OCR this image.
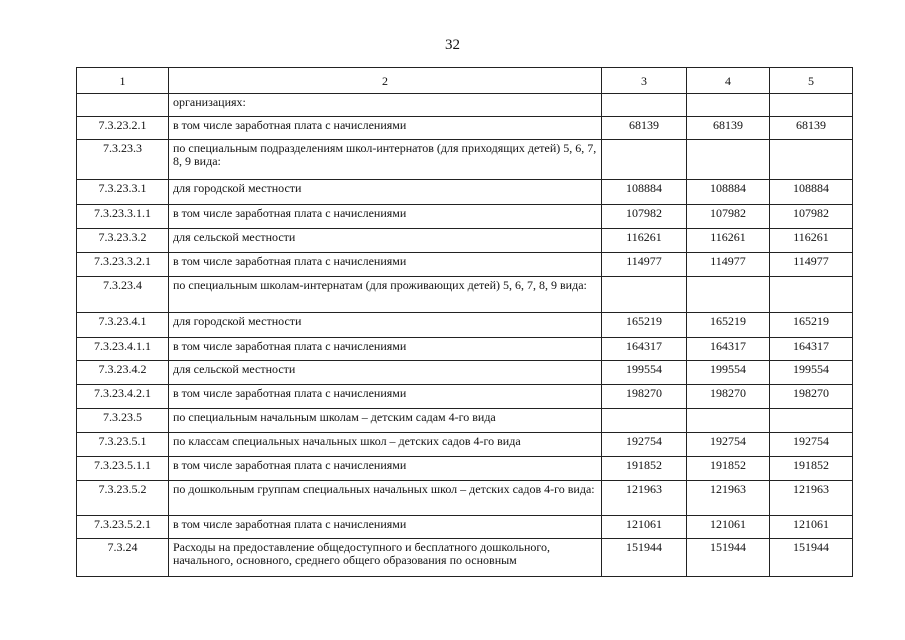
32
1	2	3	4	5
	организациях:			
7.3.23.2.1	в том числе заработная плата с начислениями	68139	68139	68139
7.3.23.3	по специальным подразделениям школ-интернатов (для приходящих детей) 5, 6, 7, 8, 9 вида:			
7.3.23.3.1	для городской местности	108884	108884	108884
7.3.23.3.1.1	в том числе заработная плата с начислениями	107982	107982	107982
7.3.23.3.2	для сельской местности	116261	116261	116261
7.3.23.3.2.1	в том числе заработная плата с начислениями	114977	114977	114977
7.3.23.4	по специальным школам-интернатам (для проживающих детей) 5, 6, 7, 8, 9 вида:			
7.3.23.4.1	для городской местности	165219	165219	165219
7.3.23.4.1.1	в том числе заработная плата с начислениями	164317	164317	164317
7.3.23.4.2	для сельской местности	199554	199554	199554
7.3.23.4.2.1	в том числе заработная плата с начислениями	198270	198270	198270
7.3.23.5	по специальным начальным школам – детским садам 4-го вида			
7.3.23.5.1	по классам специальных начальных школ – детских садов 4-го вида	192754	192754	192754
7.3.23.5.1.1	в том числе заработная плата с начислениями	191852	191852	191852
7.3.23.5.2	по дошкольным группам специальных начальных школ – детских садов 4-го вида:	121963	121963	121963
7.3.23.5.2.1	в том числе заработная плата с начислениями	121061	121061	121061
7.3.24	Расходы на предоставление общедоступного и бесплатного дошкольного, начального, основного, среднего общего образования по основным	151944	151944	151944
